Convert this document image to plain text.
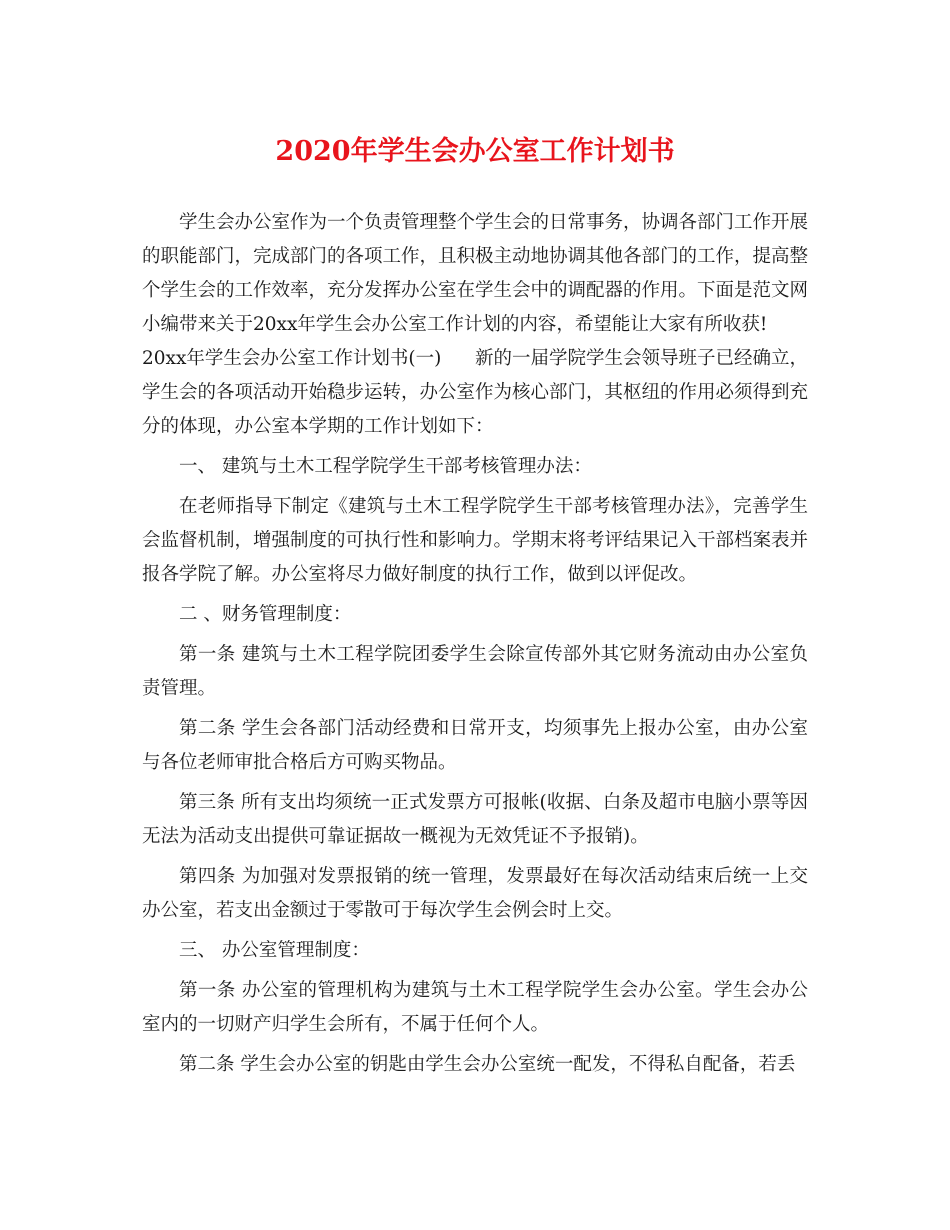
2020年学生会办公室工作计划书

学生会办公室作为一个负责管理整个学生会的日常事务，协调各部门工作开展的职能部门，完成部门的各项工作，且积极主动地协调其他各部门的工作，提高整个学生会的工作效率，充分发挥办公室在学生会中的调配器的作用。下面是范文网小编带来关于20xx年学生会办公室工作计划的内容，希望能让大家有所收获!

20xx年学生会办公室工作计划书(一) 新的一届学院学生会领导班子已经确立，
学生会的各项活动开始稳步运转，办公室作为核心部门，其枢纽的作用必须得到充分的体现，办公室本学期的工作计划如下：

一、 建筑与土木工程学院学生干部考核管理办法：

在老师指导下制定《建筑与土木工程学院学生干部考核管理办法》，完善学生会监督机制，增强制度的可执行性和影响力。学期末将考评结果记入干部档案表并报各学院了解。办公室将尽力做好制度的执行工作，做到以评促改。

二 、财务管理制度：

第一条 建筑与土木工程学院团委学生会除宣传部外其它财务流动由办公室负责管理。

第二条 学生会各部门活动经费和日常开支，均须事先上报办公室，由办公室与各位老师审批合格后方可购买物品。

第三条 所有支出均须统一正式发票方可报帐(收据、白条及超市电脑小票等因无法为活动支出提供可靠证据故一概视为无效凭证不予报销)。

第四条 为加强对发票报销的统一管理，发票最好在每次活动结束后统一上交办公室，若支出金额过于零散可于每次学生会例会时上交。

三、 办公室管理制度：

第一条 办公室的管理机构为建筑与土木工程学院学生会办公室。学生会办公室内的一切财产归学生会所有，不属于任何个人。

第二条 学生会办公室的钥匙由学生会办公室统一配发，不得私自配备，若丢
